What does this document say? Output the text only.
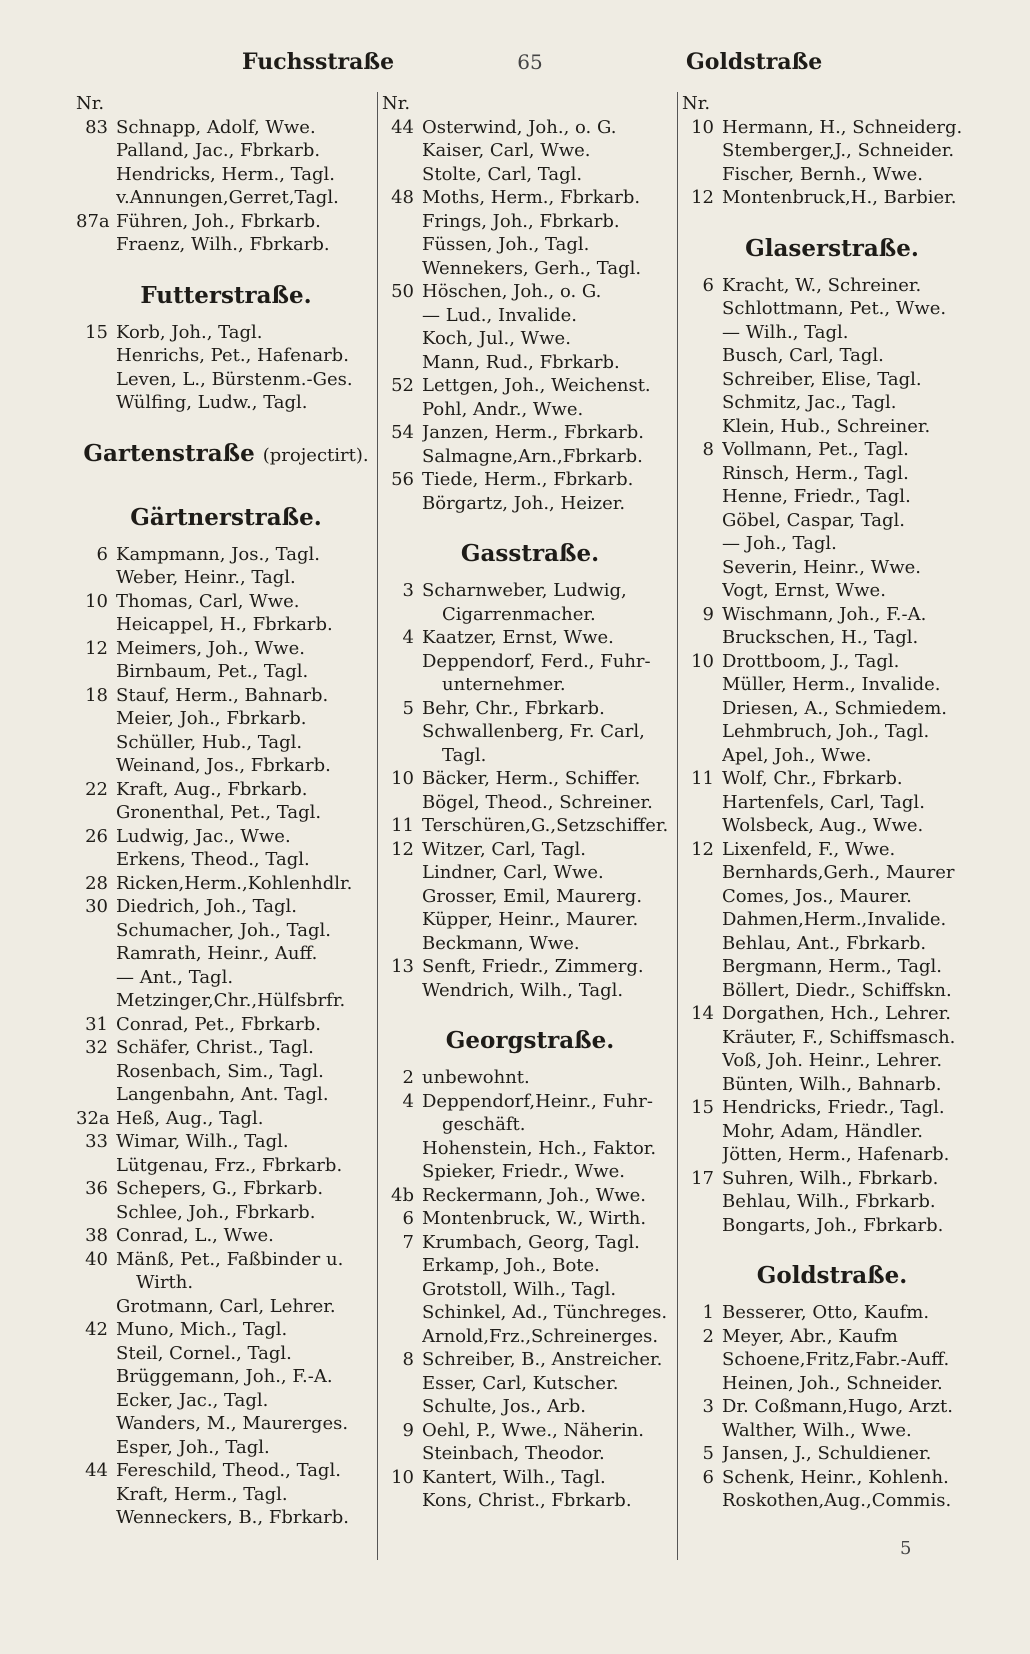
Fuchsstraße	65	Goldstraße
Nr.
83 Schnapp, Adolf, Wwe.
Palland, Jac., Fbrkarb.
Hendricks, Herm., Tagl.
v.Annungen,Gerret,Tagl.
87a Führen, Joh., Fbrkarb.
Fraenz, Wilh., Fbrkarb.
Futterstraße.
15 Korb, Joh., Tagl.
Henrichs, Pet., Hafenarb.
Leven, L., Bürstenm.-Ges.
Wülfing, Ludw., Tagl.
Gartenstraße (projectirt).
Gärtnerstraße.
6 Kampmann, Jos., Tagl.
Weber, Heinr., Tagl.
10 Thomas, Carl, Wwe.
Heicappel, H., Fbrkarb.
12 Meimers, Joh., Wwe.
Birnbaum, Pet., Tagl.
18 Stauf, Herm., Bahnarb.
Meier, Joh., Fbrkarb.
Schüller, Hub., Tagl.
Weinand, Jos., Fbrkarb.
22 Kraft, Aug., Fbrkarb.
Gronenthal, Pet., Tagl.
26 Ludwig, Jac., Wwe.
Erkens, Theod., Tagl.
28 Ricken,Herm.,Kohlenhdlr.
30 Diedrich, Joh., Tagl.
Schumacher, Joh., Tagl.
Ramrath, Heinr., Auff.
— Ant., Tagl.
Metzinger,Chr.,Hülfsbrfr.
31 Conrad, Pet., Fbrkarb.
32 Schäfer, Christ., Tagl.
Rosenbach, Sim., Tagl.
Langenbahn, Ant. Tagl.
32a Heß, Aug., Tagl.
33 Wimar, Wilh., Tagl.
Lütgenau, Frz., Fbrkarb.
36 Schepers, G., Fbrkarb.
Schlee, Joh., Fbrkarb.
38 Conrad, L., Wwe.
40 Mänß, Pet., Faßbinder u.
Wirth.
Grotmann, Carl, Lehrer.
42 Muno, Mich., Tagl.
Steil, Cornel., Tagl.
Brüggemann, Joh., F.-A.
Ecker, Jac., Tagl.
Wanders, M., Maurerges.
Esper, Joh., Tagl.
44 Fereschild, Theod., Tagl.
Kraft, Herm., Tagl.
Wenneckers, B., Fbrkarb.
Nr.
44 Osterwind, Joh., o. G.
Kaiser, Carl, Wwe.
Stolte, Carl, Tagl.
48 Moths, Herm., Fbrkarb.
Frings, Joh., Fbrkarb.
Füssen, Joh., Tagl.
Wennekers, Gerh., Tagl.
50 Höschen, Joh., o. G.
— Lud., Invalide.
Koch, Jul., Wwe.
Mann, Rud., Fbrkarb.
52 Lettgen, Joh., Weichenst.
Pohl, Andr., Wwe.
54 Janzen, Herm., Fbrkarb.
Salmagne,Arn.,Fbrkarb.
56 Tiede, Herm., Fbrkarb.
Börgartz, Joh., Heizer.
Gasstraße.
3 Scharnweber, Ludwig,
Cigarrenmacher.
4 Kaatzer, Ernst, Wwe.
Deppendorf, Ferd., Fuhr-
unternehmer.
5 Behr, Chr., Fbrkarb.
Schwallenberg, Fr. Carl,
Tagl.
10 Bäcker, Herm., Schiffer.
Bögel, Theod., Schreiner.
11 Terschüren,G.,Setzschiffer.
12 Witzer, Carl, Tagl.
Lindner, Carl, Wwe.
Grosser, Emil, Maurerg.
Küpper, Heinr., Maurer.
Beckmann, Wwe.
13 Senft, Friedr., Zimmerg.
Wendrich, Wilh., Tagl.
Georgstraße.
2 unbewohnt.
4 Deppendorf,Heinr., Fuhr-
geschäft.
Hohenstein, Hch., Faktor.
Spieker, Friedr., Wwe.
4b Reckermann, Joh., Wwe.
6 Montenbruck, W., Wirth.
7 Krumbach, Georg, Tagl.
Erkamp, Joh., Bote.
Grotstoll, Wilh., Tagl.
Schinkel, Ad., Tünchreges.
Arnold,Frz.,Schreinerges.
8 Schreiber, B., Anstreicher.
Esser, Carl, Kutscher.
Schulte, Jos., Arb.
9 Oehl, P., Wwe., Näherin.
Steinbach, Theodor.
10 Kantert, Wilh., Tagl.
Kons, Christ., Fbrkarb.
Nr.
10 Hermann, H., Schneiderg.
Stemberger,J., Schneider.
Fischer, Bernh., Wwe.
12 Montenbruck,H., Barbier.
Glaserstraße.
6 Kracht, W., Schreiner.
Schlottmann, Pet., Wwe.
— Wilh., Tagl.
Busch, Carl, Tagl.
Schreiber, Elise, Tagl.
Schmitz, Jac., Tagl.
Klein, Hub., Schreiner.
8 Vollmann, Pet., Tagl.
Rinsch, Herm., Tagl.
Henne, Friedr., Tagl.
Göbel, Caspar, Tagl.
— Joh., Tagl.
Severin, Heinr., Wwe.
Vogt, Ernst, Wwe.
9 Wischmann, Joh., F.-A.
Bruckschen, H., Tagl.
10 Drottboom, J., Tagl.
Müller, Herm., Invalide.
Driesen, A., Schmiedem.
Lehmbruch, Joh., Tagl.
Apel, Joh., Wwe.
11 Wolf, Chr., Fbrkarb.
Hartenfels, Carl, Tagl.
Wolsbeck, Aug., Wwe.
12 Lixenfeld, F., Wwe.
Bernhards,Gerh., Maurer
Comes, Jos., Maurer.
Dahmen,Herm.,Invalide.
Behlau, Ant., Fbrkarb.
Bergmann, Herm., Tagl.
Böllert, Diedr., Schiffskn.
14 Dorgathen, Hch., Lehrer.
Kräuter, F., Schiffsmasch.
Voß, Joh. Heinr., Lehrer.
Bünten, Wilh., Bahnarb.
15 Hendricks, Friedr., Tagl.
Mohr, Adam, Händler.
Jötten, Herm., Hafenarb.
17 Suhren, Wilh., Fbrkarb.
Behlau, Wilh., Fbrkarb.
Bongarts, Joh., Fbrkarb.
Goldstraße.
1 Besserer, Otto, Kaufm.
2 Meyer, Abr., Kaufm
Schoene,Fritz,Fabr.-Auff.
Heinen, Joh., Schneider.
3 Dr. Coßmann,Hugo, Arzt.
Walther, Wilh., Wwe.
5 Jansen, J., Schuldiener.
6 Schenk, Heinr., Kohlenh.
Roskothen,Aug.,Commis.
5
